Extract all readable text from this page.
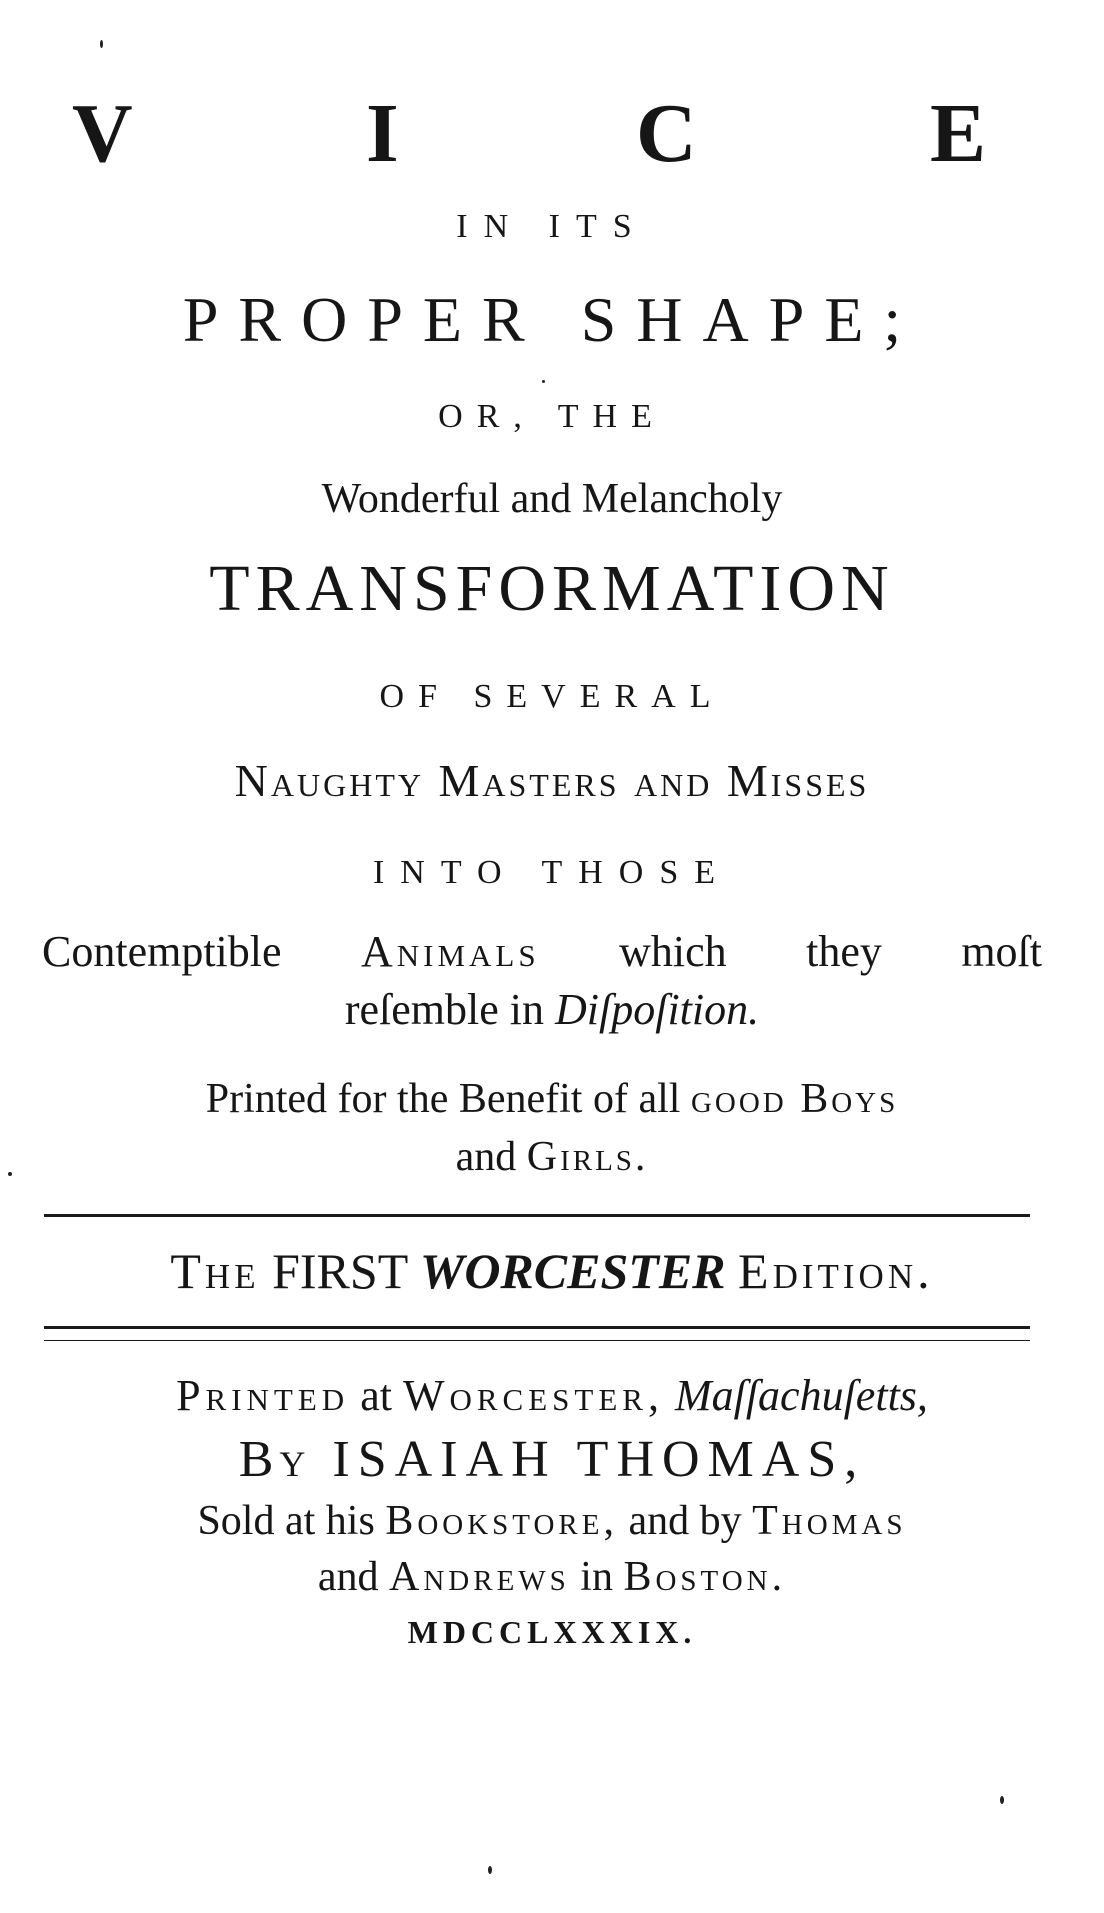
V	I	C	E
IN ITS
PROPER SHAPE;
OR, THE
Wonderful and Melancholy
TRANSFORMATION
OF SEVERAL
Naughty Masters and Misses
INTO THOSE
Contemptible Animals which they moſt
reſemble in Diſpoſition.
Printed for the Benefit of all good Boys
and Girls.
The FIRST WORCESTER Edition.
Printed at Worcester, Maſſachuſetts,
By ISAIAH THOMAS,
Sold at his Bookstore, and by Thomas
and Andrews in Boston.
MDCCLXXXIX.
